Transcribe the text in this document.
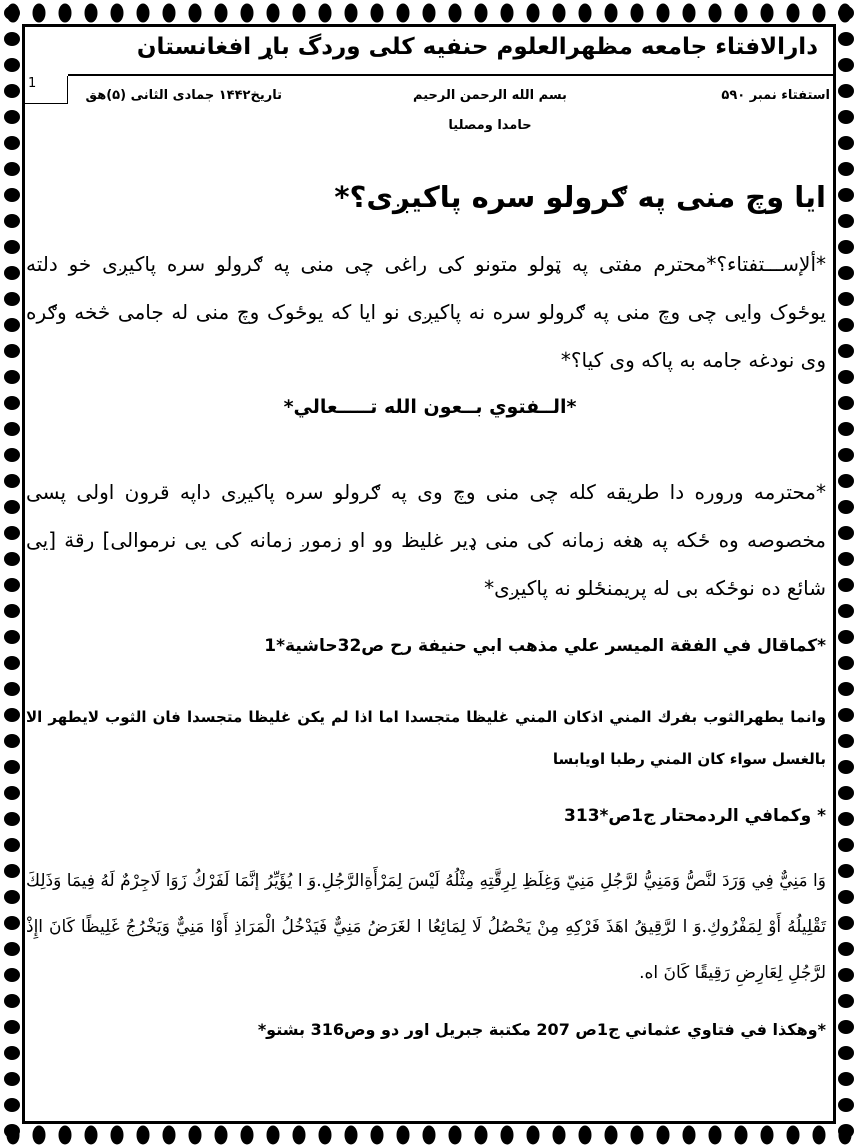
دارالافتاء جامعه مظهرالعلوم حنفیه کلی وردگ باړ افغانستان
1
تاريخ۱۴۴۲ جمادی الثانی (۵)هق	بسم الله الرحمن الرحيم	استفتاء نمبر ۵۹۰
حامدا ومصليا
ايا وچ منى په ګرولو سره پاکيږی؟*
*ألإســـتفتاء؟*محترم مفتی په ټولو متونو کی راغی چی منی په ګرولو سره پاکيږی خو دلته يوځوک وايی چی وچ منی په ګرولو سره نه پاکيږی نو ايا که يوځوک وچ منی له جامی څخه وګره وی نودغه جامه به پاکه وی کيا؟*
*الــفتوي بــعون الله تـــــعالي*
*محترمه وروره دا طريقه کله چی منی وچ وی په ګرولو سره پاکيږی داپه قرون اولی پسی مخصوصه وه ځکه په هغه زمانه کی منی ډير غليظ وو او زموږ زمانه کی يی نرموالی] رقة [يی شائع ده نوځکه بی له پريمنځلو نه پاکيږی*
*كماقال في الفقة الميسر علي مذهب ابي حنيفة رح ص32حاشية*1
وانما يطهرالثوب بفرك المني اذكان المني غليظا متجسدا اما اذا لم يكن غليظا متجسدا فان الثوب لايطهر الا بالغسل سواء كان المني رطبا اويابسا
* وكمافي الردمحتار ج1ص*313
وَا مَنِيٌّ فِي وَرَدَ لنَّصُّ وَمَنِيُّ لرَّجُلِ مَنِيّ وَغِلَظِ لِرِقَّتِهِ مِثْلُهُ لَيْسَ لِمَرْأَةِالرَّجُلِ.وَ ا يُؤَيِّرُ إنَّمَا لَفَرْكُ زَوَا لَاجِرْمٌ لَهُ فِيمَا وَذَلِكَ تَقْلِيلُهُ أَوْ لِمَفْرُوكِ.وَ ا لرَّقِيقُ اهَذَ فَرْكِهِ مِنْ يَحْصُلُ لَا لِمَائِعُا ا لغَرَضُ مَنِيٌّ فَيَدْخُلُ الْمَرَاذِ أَوْا مَنِيٌّ وَيَخْرُجُ غَلِيظًا كَانَ اإِذْ لرَّجُلِ لِعَارِضِ رَقِيقًا كَانَ اه.
*وهكذا في فتاوي عثماني ج1ص 207 مكتبة جبريل اور دو وص316 بشتو*
